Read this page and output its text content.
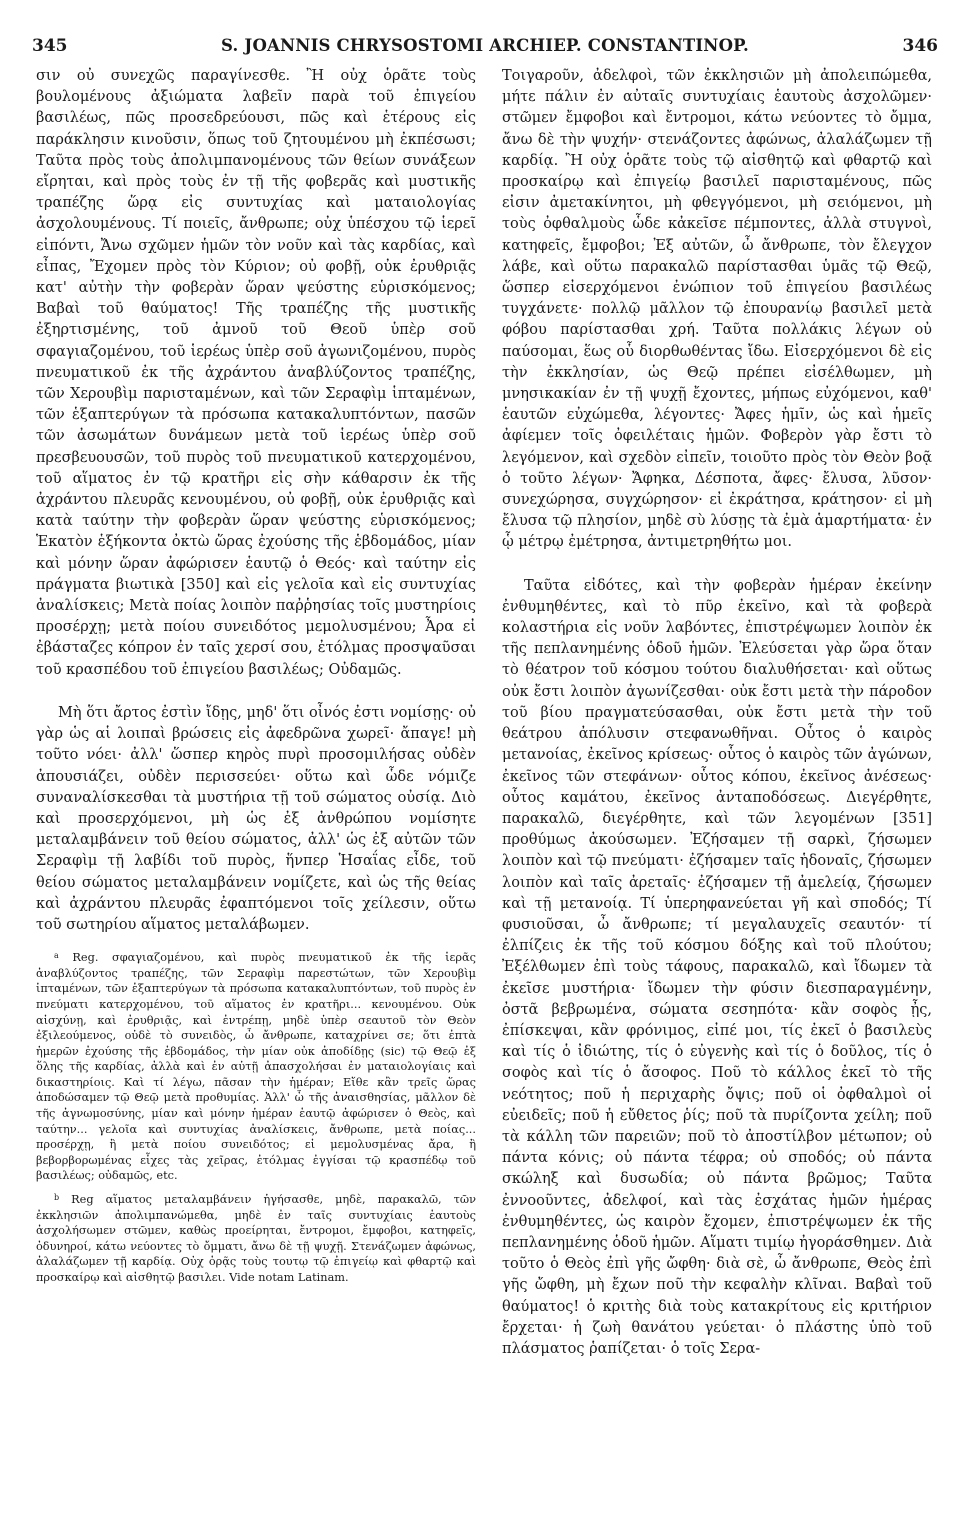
345	S. JOANNIS CHRYSOSTOMI ARCHIEP. CONSTANTINOP.	346

σιν οὐ συνεχῶς παραγίνεσθε. Ἢ οὐχ ὁρᾶτε τοὺς βουλομένους ἀξιώματα λαβεῖν παρὰ τοῦ ἐπιγείου βασιλέως, πῶς προσεδρεύουσι, πῶς καὶ ἑτέρους εἰς παράκλησιν κινοῦσιν, ὅπως τοῦ ζητουμένου μὴ ἐκπέσωσι; Ταῦτα πρὸς τοὺς ἀπολιμπανομένους τῶν θείων συνάξεων εἴρηται, καὶ πρὸς τοὺς ἐν τῇ τῆς φοβερᾶς καὶ μυστικῆς τραπέζης ὥρᾳ εἰς συντυχίας καὶ ματαιολογίας ἀσχολουμένους. Τί ποιεῖς, ἄνθρωπε; οὐχ ὑπέσχου τῷ ἱερεῖ εἰπόντι, Ἄνω σχῶμεν ἡμῶν τὸν νοῦν καὶ τὰς καρδίας, καὶ εἶπας, Ἔχομεν πρὸς τὸν Κύριον; οὐ φοβῇ, οὐκ ἐρυθριᾷς κατ' αὐτὴν τὴν φοβερὰν ὥραν ψεύστης εὑρισκόμενος; Βαβαὶ τοῦ θαύματος! Τῆς τραπέζης τῆς μυστικῆς ἐξηρτισμένης, τοῦ ἀμνοῦ τοῦ Θεοῦ ὑπὲρ σοῦ σφαγιαζομένου, τοῦ ἱερέως ὑπὲρ σοῦ ἀγωνιζομένου, πυρὸς πνευματικοῦ ἐκ τῆς ἀχράντου ἀναβλύζοντος τραπέζης, τῶν Χερουβὶμ παρισταμένων, καὶ τῶν Σεραφὶμ ἱπταμένων, τῶν ἑξαπτερύγων τὰ πρόσωπα κατακαλυπτόντων, πασῶν τῶν ἀσωμάτων δυνάμεων μετὰ τοῦ ἱερέως ὑπὲρ σοῦ πρεσβευουσῶν, τοῦ πυρὸς τοῦ πνευματικοῦ κατερχομένου, τοῦ αἵματος ἐν τῷ κρατῆρι εἰς σὴν κάθαρσιν ἐκ τῆς ἀχράντου πλευρᾶς κενουμένου, οὐ φοβῇ, οὐκ ἐρυθριᾷς καὶ κατὰ ταύτην τὴν φοβερὰν ὥραν ψεύστης εὑρισκόμενος; Ἑκατὸν ἑξήκοντα ὀκτὼ ὥρας ἐχούσης τῆς ἑβδομάδος, μίαν καὶ μόνην ὥραν ἀφώρισεν ἑαυτῷ ὁ Θεός· καὶ ταύτην εἰς πράγματα βιωτικὰ [350] καὶ εἰς γελοῖα καὶ εἰς συντυχίας ἀναλίσκεις; Μετὰ ποίας λοιπὸν παῤῥησίας τοῖς μυστηρίοις προσέρχῃ; μετὰ ποίου συνειδότος μεμολυσμένου; Ἆρα εἰ ἐβάσταζες κόπρον ἐν ταῖς χερσί σου, ἐτόλμας προσψαῦσαι τοῦ κρασπέδου τοῦ ἐπιγείου βασιλέως; Οὐδαμῶς.

Μὴ ὅτι ἄρτος ἐστὶν ἴδῃς, μηδ' ὅτι οἶνός ἐστι νομίσῃς· οὐ γὰρ ὡς αἱ λοιπαὶ βρώσεις εἰς ἀφεδρῶνα χωρεῖ· ἄπαγε! μὴ τοῦτο νόει· ἀλλ' ὥσπερ κηρὸς πυρὶ προσομιλήσας οὐδὲν ἀπουσιάζει, οὐδὲν περισσεύει· οὕτω καὶ ὧδε νόμιζε συναναλίσκεσθαι τὰ μυστήρια τῇ τοῦ σώματος οὐσίᾳ. Διὸ καὶ προσερχόμενοι, μὴ ὡς ἐξ ἀνθρώπου νομίσητε μεταλαμβάνειν τοῦ θείου σώματος, ἀλλ' ὡς ἐξ αὐτῶν τῶν Σεραφὶμ τῇ λαβίδι τοῦ πυρὸς, ἥνπερ Ἡσαΐας εἶδε, τοῦ θείου σώματος μεταλαμβάνειν νομίζετε, καὶ ὡς τῆς θείας καὶ ἀχράντου πλευρᾶς ἐφαπτόμενοι τοῖς χείλεσιν, οὕτω τοῦ σωτηρίου αἵματος μεταλάβωμεν.

$^a$ Reg. σφαγιαζομένου, καὶ πυρὸς πνευματικοῦ ἐκ τῆς ἱερᾶς ἀναβλύζοντος τραπέζης, τῶν Σεραφὶμ παρεστώτων, τῶν Χερουβὶμ ἱπταμένων, τῶν ἑξαπτερύγων τὰ πρόσωπα κατακαλυπτόντων, τοῦ πυρὸς ἐν πνεύματι κατερχομένου, τοῦ αἵματος ἐν κρατῆρι... κενουμένου. Οὐκ αἰσχύνῃ, καὶ ἐρυθριᾷς, καὶ ἐντρέπῃ, μηδὲ ὑπὲρ σεαυτοῦ τὸν Θεὸν ἐξιλεούμενος, οὐδὲ τὸ συνειδὸς, ὦ ἄνθρωπε, καταχρίνει σε; ὅτι ἐπτὰ ἡμερῶν ἐχούσης τῆς ἑβδομάδος, τὴν μίαν οὐκ ἀποδίδῃς (sic) τῷ Θεῷ ἐξ ὅλης τῆς καρδίας, ἀλλὰ καὶ ἐν αὐτῇ ἀπασχολήσαι ἐν ματαιολογίαις καὶ δικαστηρίοις. Καὶ τί λέγω, πᾶσαν τὴν ἡμέραν; Εἴθε κἂν τρεῖς ὥρας ἀποδώσαμεν τῷ Θεῷ μετὰ προθυμίας. Ἀλλ' ὦ τῆς ἀναισθησίας, μᾶλλον δὲ τῆς ἀγνωμοσύνης, μίαν καὶ μόνην ἡμέραν ἑαυτῷ ἀφώρισεν ὁ Θεὸς, καὶ ταύτην... γελοῖα καὶ συντυχίας ἀναλίσκεις, ἄνθρωπε, μετὰ ποίας... προσέρχῃ, ἢ μετὰ ποίου συνειδότος; εἰ μεμολυσμένας ἄρα, ἢ βεβορβορωμένας εἶχες τὰς χεῖρας, ἐτόλμας ἐγγίσαι τῷ κρασπέδῳ τοῦ βασιλέως; οὐδαμῶς, etc.

$^b$ Reg αἵματος μεταλαμβάνειν ἡγήσασθε, μηδὲ, παρακαλῶ, τῶν ἐκκλησιῶν ἀπολιμπανώμεθα, μηδὲ ἐν ταῖς συντυχίαις ἑαυτοὺς ἀσχολήσωμεν στῶμεν, καθὼς προείρηται, ἔντρομοι, ἔμφοβοι, κατηφεῖς, ὀδυνηροί, κάτω νεύοντες τὸ ὄμματι, ἄνω δὲ τῇ ψυχῇ. Στενάζωμεν ἀφώνως, ἀλαλάζωμεν τῇ καρδίᾳ. Οὐχ ὁρᾷς τοὺς τουτῳ τῷ ἐπιγείῳ καὶ φθαρτῷ καὶ προσκαίρῳ καὶ αἰσθητῷ βασιλει. Vide notam Latinam.

Τοιγαροῦν, ἀδελφοὶ, τῶν ἐκκλησιῶν μὴ ἀπολειπώμεθα, μήτε πάλιν ἐν αὐταῖς συντυχίαις ἑαυτοὺς ἀσχολῶμεν· στῶμεν ἔμφοβοι καὶ ἔντρομοι, κάτω νεύοντες τὸ ὄμμα, ἄνω δὲ τὴν ψυχήν· στενάζοντες ἀφώνως, ἀλαλάζωμεν τῇ καρδίᾳ. Ἢ οὐχ ὁρᾶτε τοὺς τῷ αἰσθητῷ καὶ φθαρτῷ καὶ προσκαίρῳ καὶ ἐπιγείῳ βασιλεῖ παρισταμένους, πῶς εἰσιν ἀμετακίνητοι, μὴ φθεγγόμενοι, μὴ σειόμενοι, μὴ τοὺς ὀφθαλμοὺς ὧδε κἀκεῖσε πέμποντες, ἀλλὰ στυγνοὶ, κατηφεῖς, ἔμφοβοι; Ἐξ αὐτῶν, ὦ ἄνθρωπε, τὸν ἔλεγχον λάβε, καὶ οὕτω παρακαλῶ παρίστασθαι ὑμᾶς τῷ Θεῷ, ὥσπερ εἰσερχόμενοι ἐνώπιον τοῦ ἐπιγείου βασιλέως τυγχάνετε· πολλῷ μᾶλλον τῷ ἐπουρανίῳ βασιλεῖ μετὰ φόβου παρίστασθαι χρή. Ταῦτα πολλάκις λέγων οὐ παύσομαι, ἕως οὗ διορθωθέντας ἴδω. Εἰσερχόμενοι δὲ εἰς τὴν ἐκκλησίαν, ὡς Θεῷ πρέπει εἰσέλθωμεν, μὴ μνησικακίαν ἐν τῇ ψυχῇ ἔχοντες, μήπως εὐχόμενοι, καθ' ἑαυτῶν εὐχώμεθα, λέγοντες· Ἄφες ἡμῖν, ὡς καὶ ἡμεῖς ἀφίεμεν τοῖς ὀφειλέταις ἡμῶν. Φοβερὸν γὰρ ἔστι τὸ λεγόμενον, καὶ σχεδὸν εἰπεῖν, τοιοῦτο πρὸς τὸν Θεὸν βοᾷ ὁ τοῦτο λέγων· Ἄφηκα, Δέσποτα, ἄφες· ἔλυσα, λῦσον· συνεχώρησα, συγχώρησον· εἰ ἐκράτησα, κράτησον· εἰ μὴ ἔλυσα τῷ πλησίον, μηδὲ σὺ λύσῃς τὰ ἐμὰ ἁμαρτήματα· ἐν ᾧ μέτρῳ ἐμέτρησα, ἀντιμετρηθήτω μοι.

Ταῦτα εἰδότες, καὶ τὴν φοβερὰν ἡμέραν ἐκείνην ἐνθυμηθέντες, καὶ τὸ πῦρ ἐκεῖνο, καὶ τὰ φοβερὰ κολαστήρια εἰς νοῦν λαβόντες, ἐπιστρέψωμεν λοιπὸν ἐκ τῆς πεπλανημένης ὁδοῦ ἡμῶν. Ἐλεύσεται γὰρ ὥρα ὅταν τὸ θέατρον τοῦ κόσμου τούτου διαλυθήσεται· καὶ οὕτως οὐκ ἔστι λοιπὸν ἀγωνίζεσθαι· οὐκ ἔστι μετὰ τὴν πάροδον τοῦ βίου πραγματεύσασθαι, οὐκ ἔστι μετὰ τὴν τοῦ θεάτρου ἀπόλυσιν στεφανωθῆναι. Οὗτος ὁ καιρὸς μετανοίας, ἐκεῖνος κρίσεως· οὗτος ὁ καιρὸς τῶν ἀγώνων, ἐκεῖνος τῶν στεφάνων· οὗτος κόπου, ἐκεῖνος ἀνέσεως· οὗτος καμάτου, ἐκεῖνος ἀνταποδόσεως. Διεγέρθητε, παρακαλῶ, διεγέρθητε, καὶ τῶν λεγομένων [351] προθύμως ἀκούσωμεν. Ἐζήσαμεν τῇ σαρκὶ, ζήσωμεν λοιπὸν καὶ τῷ πνεύματι· ἐζήσαμεν ταῖς ἡδοναῖς, ζήσωμεν λοιπὸν καὶ ταῖς ἀρεταῖς· ἐζήσαμεν τῇ ἀμελείᾳ, ζήσωμεν καὶ τῇ μετανοίᾳ. Τί ὑπερηφανεύεται γῆ καὶ σποδός; Τί φυσιοῦσαι, ὦ ἄνθρωπε; τί μεγαλαυχεῖς σεαυτόν· τί ἐλπίζεις ἐκ τῆς τοῦ κόσμου δόξης καὶ τοῦ πλούτου; Ἐξέλθωμεν ἐπὶ τοὺς τάφους, παρακαλῶ, καὶ ἴδωμεν τὰ ἐκεῖσε μυστήρια· ἴδωμεν τὴν φύσιν διεσπαραγμένην, ὀστᾶ βεβρωμένα, σώματα σεσηπότα· κἂν σοφὸς ᾖς, ἐπίσκεψαι, κἂν φρόνιμος, εἰπέ μοι, τίς ἐκεῖ ὁ βασιλεὺς καὶ τίς ὁ ἰδιώτης, τίς ὁ εὐγενὴς καὶ τίς ὁ δοῦλος, τίς ὁ σοφὸς καὶ τίς ὁ ἄσοφος. Ποῦ τὸ κάλλος ἐκεῖ τὸ τῆς νεότητος; ποῦ ἡ περιχαρὴς ὄψις; ποῦ οἱ ὀφθαλμοὶ οἱ εὐειδεῖς; ποῦ ἡ εὔθετος ῥίς; ποῦ τὰ πυρίζοντα χείλη; ποῦ τὰ κάλλη τῶν παρειῶν; ποῦ τὸ ἀποστίλβον μέτωπον; οὐ πάντα κόνις; οὐ πάντα τέφρα; οὐ σποδός; οὐ πάντα σκώληξ καὶ δυσωδία; οὐ πάντα βρῶμος; Ταῦτα ἐννοοῦντες, ἀδελφοί, καὶ τὰς ἐσχάτας ἡμῶν ἡμέρας ἐνθυμηθέντες, ὡς καιρὸν ἔχομεν, ἐπιστρέψωμεν ἐκ τῆς πεπλανημένης ὁδοῦ ἡμῶν. Αἵματι τιμίῳ ἠγοράσθημεν. Διὰ τοῦτο ὁ Θεὸς ἐπὶ γῆς ὤφθη· διὰ σὲ, ὦ ἄνθρωπε, Θεὸς ἐπὶ γῆς ὤφθη, μὴ ἔχων ποῦ τὴν κεφαλὴν κλῖναι. Βαβαὶ τοῦ θαύματος! ὁ κριτὴς διὰ τοὺς κατακρίτους εἰς κριτήριον ἔρχεται· ἡ ζωὴ θανάτου γεύεται· ὁ πλάστης ὑπὸ τοῦ πλάσματος ῥαπίζεται· ὁ τοῖς Σερα-
